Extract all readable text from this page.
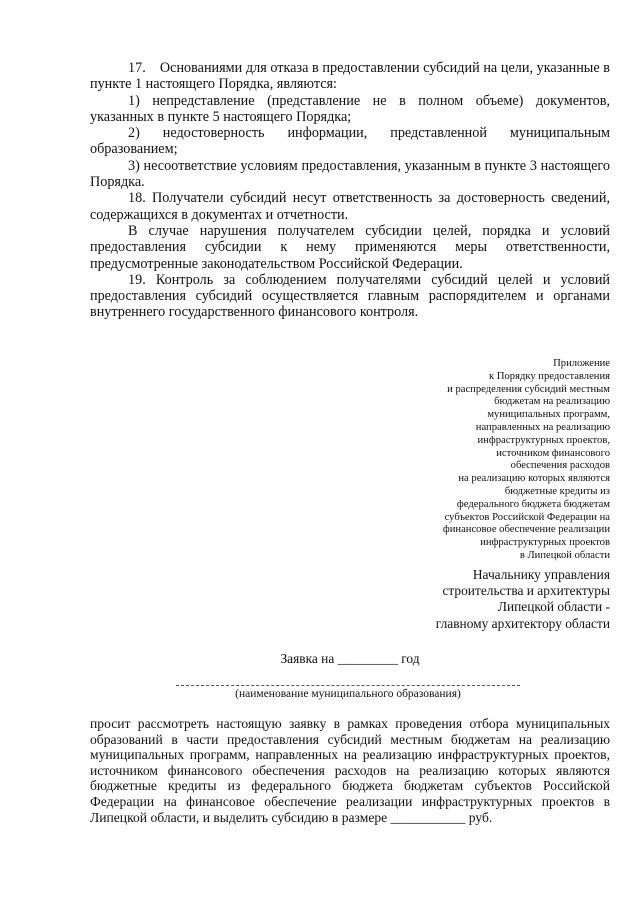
17. Основаниями для отказа в предоставлении субсидий на цели, указанные в пункте 1 настоящего Порядка, являются:

1) непредставление (представление не в полном объеме) документов, указанных в пункте 5 настоящего Порядка;

2) недостоверность информации, представленной муниципальным образованием;

3) несоответствие условиям предоставления, указанным в пункте 3 настоящего Порядка.

18. Получатели субсидий несут ответственность за достоверность сведений, содержащихся в документах и отчетности.

В случае нарушения получателем субсидии целей, порядка и условий предоставления субсидии к нему применяются меры ответственности, предусмотренные законодательством Российской Федерации.

19. Контроль за соблюдением получателями субсидий целей и условий предоставления субсидий осуществляется главным распорядителем и органами внутреннего государственного финансового контроля.

Приложение
к Порядку предоставления
и распределения субсидий местным
бюджетам на реализацию
муниципальных программ,
направленных на реализацию
инфраструктурных проектов,
источником финансового
обеспечения расходов
на реализацию которых являются
бюджетные кредиты из
федерального бюджета бюджетам
субъектов Российской Федерации на
финансовое обеспечение реализации
инфраструктурных проектов
в Липецкой области
Начальнику управления
строительства и архитектуры
Липецкой области -
главному архитектору области
Заявка на _________ год
(наименование муниципального образования)

просит рассмотреть настоящую заявку в рамках проведения отбора муниципальных образований в части предоставления субсидий местным бюджетам на реализацию муниципальных программ, направленных на реализацию инфраструктурных проектов, источником финансового обеспечения расходов на реализацию которых являются бюджетные кредиты из федерального бюджета бюджетам субъектов Российской Федерации на финансовое обеспечение реализации инфраструктурных проектов в Липецкой области, и выделить субсидию в размере ___________ руб.
